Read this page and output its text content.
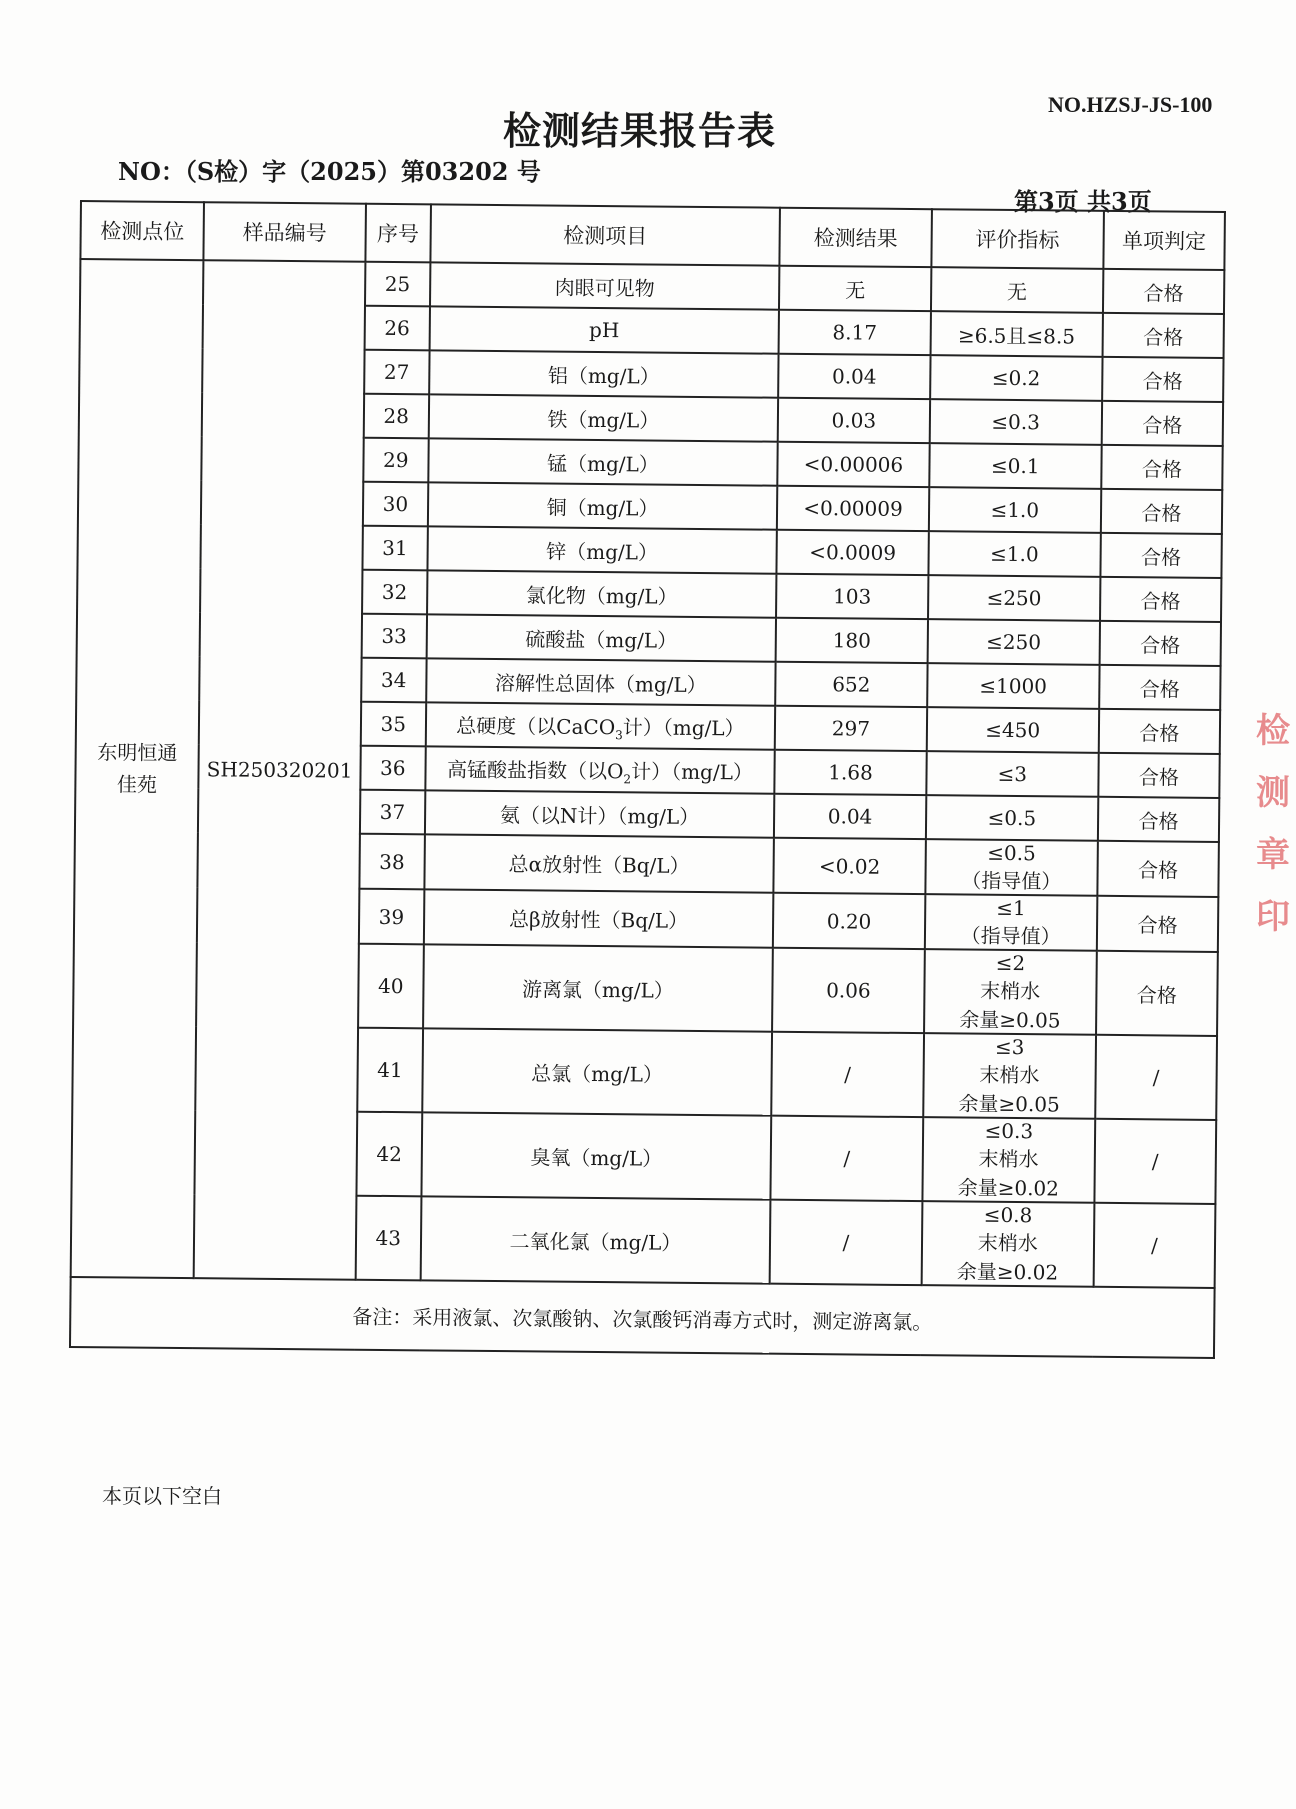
NO.HZSJ-JS-100
检测结果报告表
NO：（S检）字（2025）第03202 号
第3页 共3页
检测点位	样品编号	序号	检测项目	检测结果	评价指标	单项判定

东明恒通
佳苑	SH250320201	25	肉眼可见物	无	无	合格
		26	pH	8.17	≥6.5且≤8.5	合格
		27	铝（mg/L）	0.04	≤0.2	合格
		28	铁（mg/L）	0.03	≤0.3	合格
		29	锰（mg/L）	<0.00006	≤0.1	合格
		30	铜（mg/L）	<0.00009	≤1.0	合格
		31	锌（mg/L）	<0.0009	≤1.0	合格
		32	氯化物（mg/L）	103	≤250	合格
		33	硫酸盐（mg/L）	180	≤250	合格
		34	溶解性总固体（mg/L）	652	≤1000	合格
		35	总硬度（以CaCO$_3$计）（mg/L）	297	≤450	合格
		36	高锰酸盐指数（以$O_2$计）（mg/L）	1.68	≤3	合格
		37	氨（以N计）（mg/L）	0.04	≤0.5	合格
		38	总α放射性（Bq/L）	<0.02	≤0.5
（指导值）	合格
		39	总β放射性（Bq/L）	0.20	≤1
（指导值）	合格
		40	游离氯（mg/L）	0.06	≤2
末梢水
余量≥0.05	合格
		41	总氯（mg/L）	/	≤3
末梢水
余量≥0.05	/
		42	臭氧（mg/L）	/	≤0.3
末梢水
余量≥0.02	/
		43	二氧化氯（mg/L）	/	≤0.8
末梢水
余量≥0.02	/
备注：采用液氯、次氯酸钠、次氯酸钙消毒方式时，测定游离氯。						
本页以下空白
检
测
章
印
